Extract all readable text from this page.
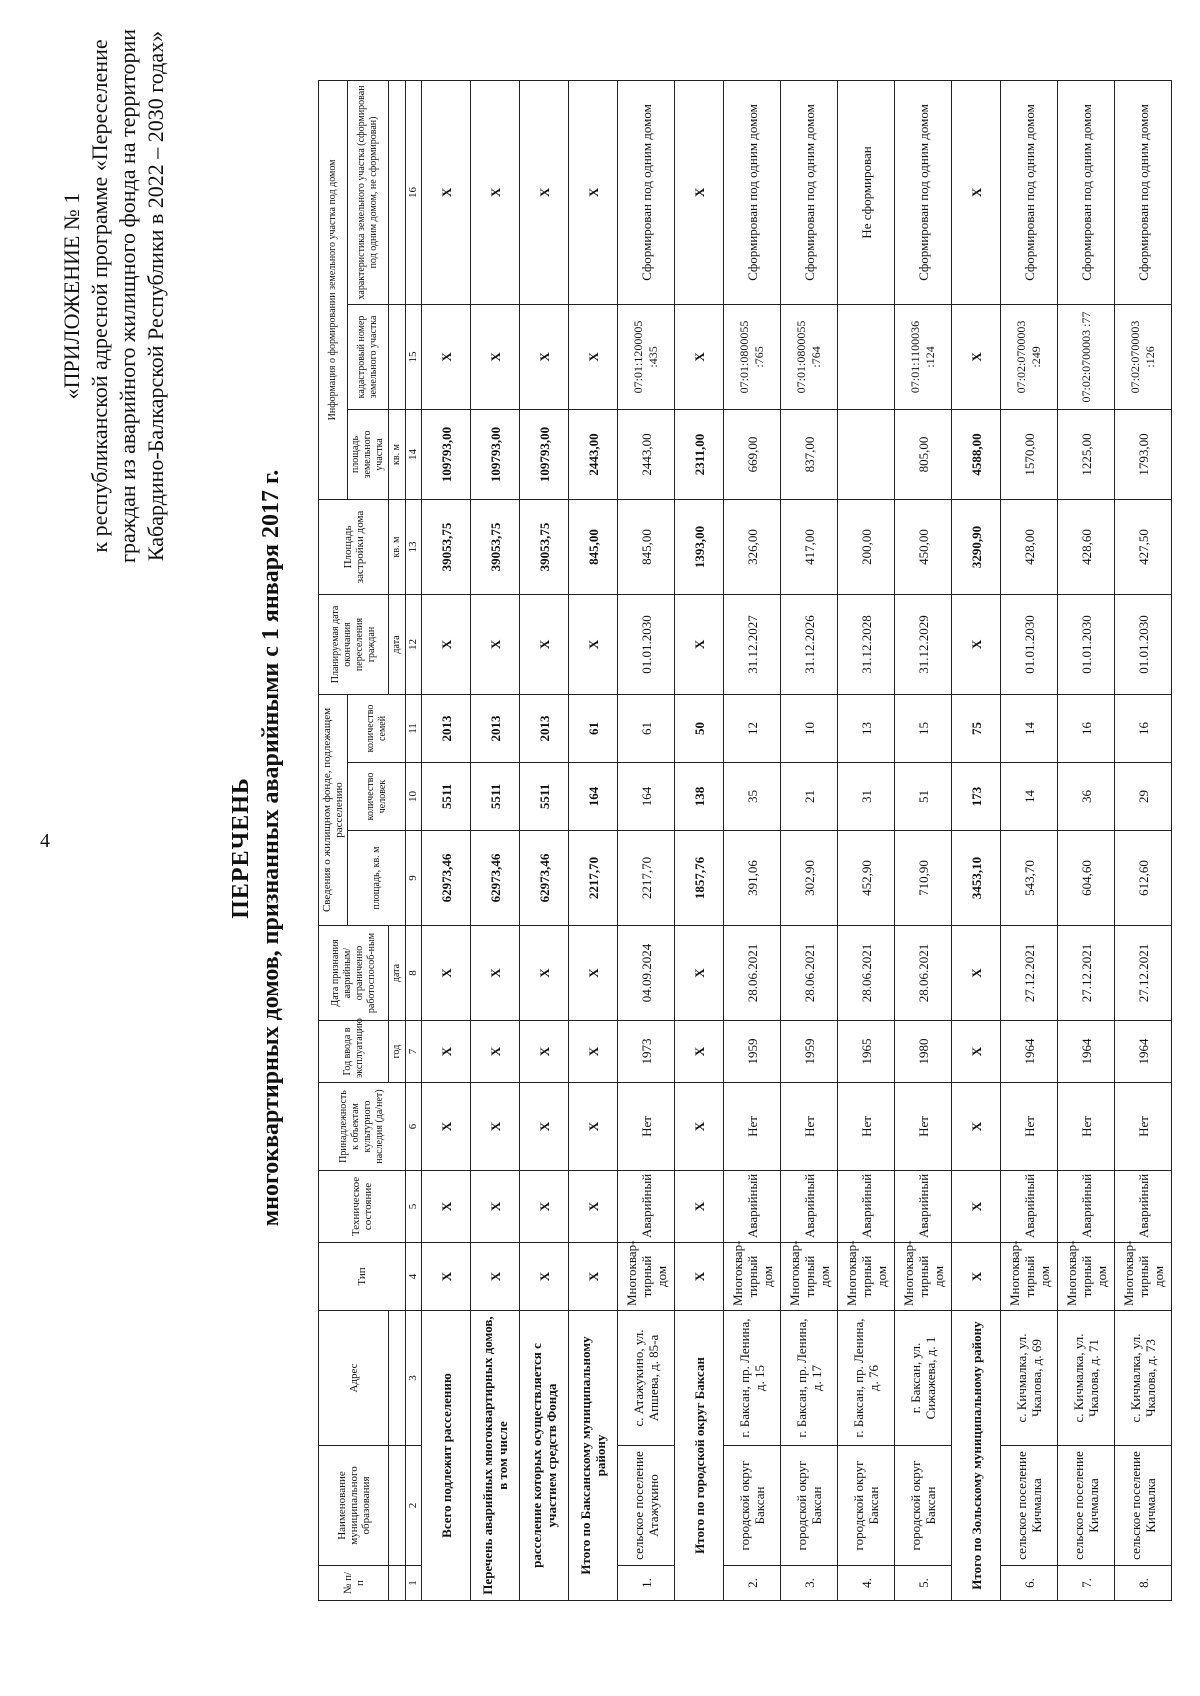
4
«ПРИЛОЖЕНИЕ № 1 к республиканской адресной программе «Переселение граждан из аварийного жилищного фонда на территории Кабардино-Балкарской Республики в 2022 – 2030 годах»
ПЕРЕЧЕНЬ многоквартирных домов, признанных аварийными с 1 января 2017 г.
№ п/п	Наименование муниципального образования	Адрес	Тип	Техническое состояние	Принадлежность к объектам культурного наследия (да/нет)	Год ввода в эксплуатацию	Дата признания аварийным/ ограниченно работоспособ-ным	Сведения о жилищном фонде, подлежащем расселению			Планируемая дата окончания переселения граждан	Площадь застройки дома	Информация о формировании земельного участка под домом		
								площадь, кв. м	количество человек	количество семей			площадь земельного участка	кадастровый номер земельного участка	характеристика земельного участка (сформирован под одним домом, не сформирован)
						год	дата				дата	кв. м	кв. м		
1	2	3	4	5	6	7	8	9	10	11	12	13	14	15	16
Всего подлежит расселению			Х	Х	Х	Х	Х	62973,46	5511	2013	Х	39053,75	109793,00	Х	Х
Перечень аварийных многоквартирных домов, в том числе			Х	Х	Х	Х	Х	62973,46	5511	2013	Х	39053,75	109793,00	Х	Х
расселение которых осуществляется с участием средств Фонда			Х	Х	Х	Х	Х	62973,46	5511	2013	Х	39053,75	109793,00	Х	Х
Итого по Баксанскому муниципальному району			Х	Х	Х	Х	Х	2217,70	164	61	Х	845,00	2443,00	Х	Х
1.	сельское поселение Атажукино	с. Атажукино, ул. Апшева, д. 85-а	Многоквар-тирный дом	Аварийный	Нет	1973	04.09.2024	2217,70	164	61	01.01.2030	845,00	2443,00	07:01:1200005 :435	Сформирован под одним домом
Итого по городской округ Баксан			Х	Х	Х	Х	Х	1857,76	138	50	Х	1393,00	2311,00	Х	Х
2.	городской округ Баксан	г. Баксан, пр. Ленина, д. 15	Многоквар-тирный дом	Аварийный	Нет	1959	28.06.2021	391,06	35	12	31.12.2027	326,00	669,00	07:01:0800055 :765	Сформирован под одним домом
3.	городской округ Баксан	г. Баксан, пр. Ленина, д. 17	Многоквар-тирный дом	Аварийный	Нет	1959	28.06.2021	302,90	21	10	31.12.2026	417,00	837,00	07:01:0800055 :764	Сформирован под одним домом
4.	городской округ Баксан	г. Баксан, пр. Ленина, д. 76	Многоквар-тирный дом	Аварийный	Нет	1965	28.06.2021	452,90	31	13	31.12.2028	200,00			Не сформирован
5.	городской округ Баксан	г. Баксан, ул. Сижажева, д. 1	Многоквар-тирный дом	Аварийный	Нет	1980	28.06.2021	710,90	51	15	31.12.2029	450,00	805,00	07:01:1100036 :124	Сформирован под одним домом
Итого по Зольскому муниципальному району			Х	Х	Х	Х	Х	3453,10	173	75	Х	3290,90	4588,00	Х	Х
6.	сельское поселение Кичмалка	с. Кичмалка, ул. Чкалова, д. 69	Многоквар-тирный дом	Аварийный	Нет	1964	27.12.2021	543,70	14	14	01.01.2030	428,00	1570,00	07:02:0700003 :249	Сформирован под одним домом
7.	сельское поселение Кичмалка	с. Кичмалка, ул. Чкалова, д. 71	Многоквар-тирный дом	Аварийный	Нет	1964	27.12.2021	604,60	36	16	01.01.2030	428,60	1225,00	07:02:0700003 :77	Сформирован под одним домом
8.	сельское поселение Кичмалка	с. Кичмалка, ул. Чкалова, д. 73	Многоквар-тирный дом	Аварийный	Нет	1964	27.12.2021	612,60	29	16	01.01.2030	427,50	1793,00	07:02:0700003 :126	Сформирован под одним домом
